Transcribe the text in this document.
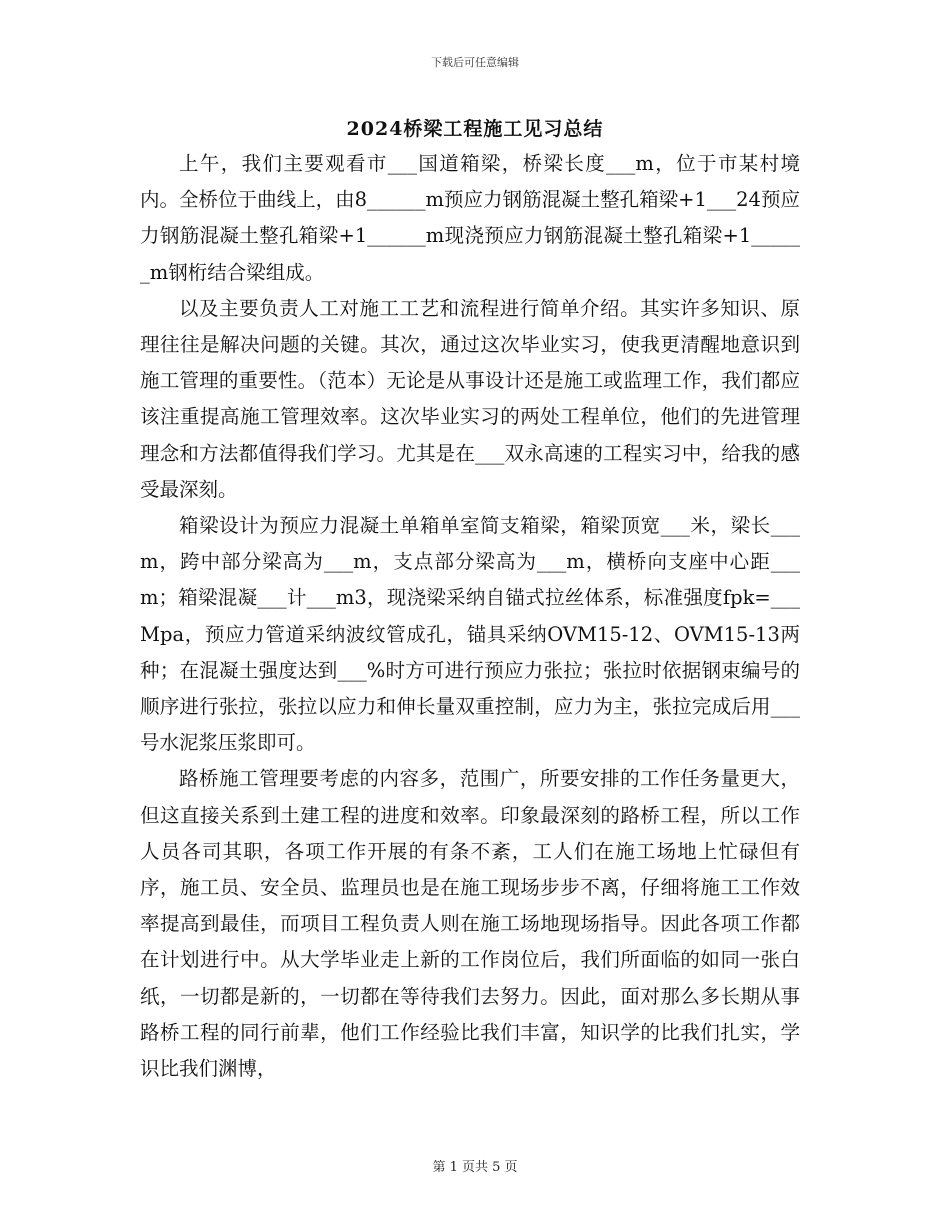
下载后可任意编辑
2024桥梁工程施工见习总结

上午，我们主要观看市___国道箱梁，桥梁长度___m，位于市某村境内。全桥位于曲线上，由8______m预应力钢筋混凝土整孔箱梁+1___24预应力钢筋混凝土整孔箱梁+1______m现浇预应力钢筋混凝土整孔箱梁+1______m钢桁结合梁组成。

以及主要负责人工对施工工艺和流程进行简单介绍。其实许多知识、原理往往是解决问题的关键。其次，通过这次毕业实习，使我更清醒地意识到施工管理的重要性。（范本）无论是从事设计还是施工或监理工作，我们都应该注重提高施工管理效率。这次毕业实习的两处工程单位，他们的先进管理理念和方法都值得我们学习。尤其是在___双永高速的工程实习中，给我的感受最深刻。

箱梁设计为预应力混凝土单箱单室简支箱梁，箱梁顶宽___米，梁长___m，跨中部分梁高为___m，支点部分梁高为___m，横桥向支座中心距___m；箱梁混凝___计___m3，现浇梁采纳自锚式拉丝体系，标准强度fpk=___Mpa，预应力管道采纳波纹管成孔，锚具采纳OVM15-12、OVM15-13两种；在混凝土强度达到___%时方可进行预应力张拉；张拉时依据钢束编号的顺序进行张拉，张拉以应力和伸长量双重控制，应力为主，张拉完成后用___号水泥浆压浆即可。

路桥施工管理要考虑的内容多，范围广，所要安排的工作任务量更大，但这直接关系到土建工程的进度和效率。印象最深刻的路桥工程，所以工作人员各司其职，各项工作开展的有条不紊，工人们在施工场地上忙碌但有序，施工员、安全员、监理员也是在施工现场步步不离，仔细将施工工作效率提高到最佳，而项目工程负责人则在施工场地现场指导。因此各项工作都在计划进行中。从大学毕业走上新的工作岗位后，我们所面临的如同一张白纸，一切都是新的，一切都在等待我们去努力。因此，面对那么多长期从事路桥工程的同行前辈，他们工作经验比我们丰富，知识学的比我们扎实，学识比我们渊博，

第 1 页共 5 页
